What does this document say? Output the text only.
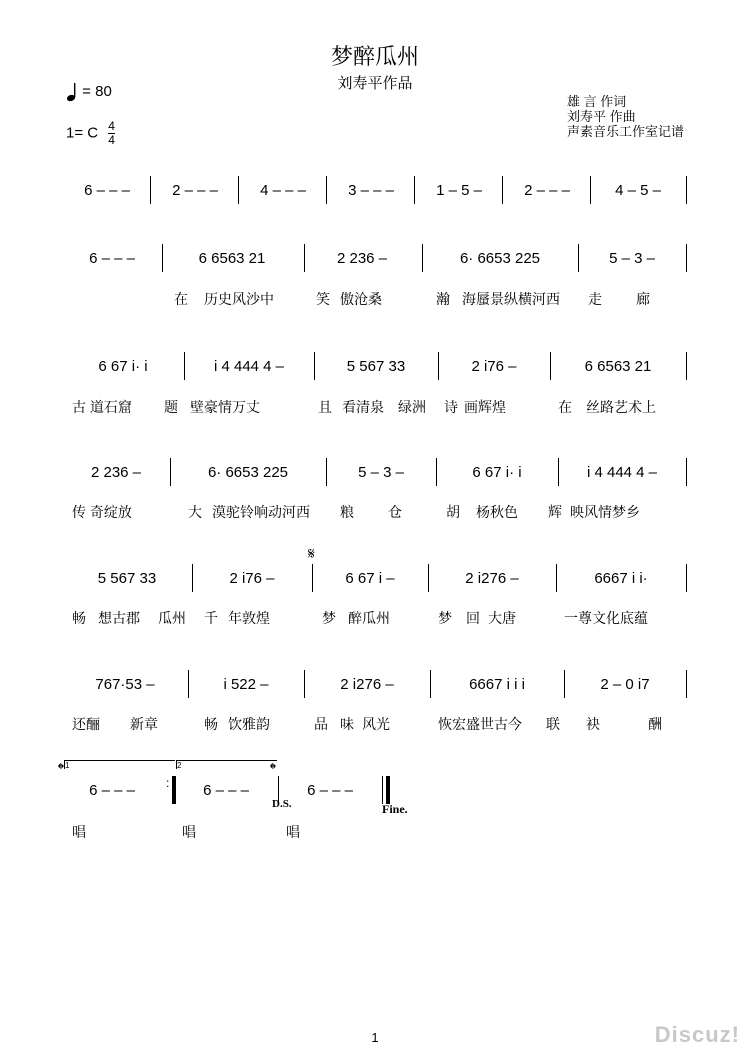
梦醉瓜州
刘寿平作品
= 80
1= C $\frac{4}{4}$
雄 言 作词
刘寿平 作曲
声素音乐工作室记谱
6 – – –	2 – – –	4 – – –	3 – – –	1 – 5 –	2 – – –	4 – 5 –
6 – – –	6 6563 21	2 236 –	6· 6653 225	5 – 3 –
在 历史风沙中	笑 傲沧桑	瀚 海蜃景纵横河西 走 廊
6 67 i· i	i 4 444 4 –	5 567 33	2 i76 –	6 6563 21
古 道石窟 题 壁豪情万丈	且 看清泉 绿洲 诗 画辉煌	在 丝路艺术上
2 236 –	6· 6653 225	5 – 3 –	6 67 i· i	i 4 444 4 –
传 奇绽放	大 漠驼铃响动河西 粮 仓	胡 杨秋色 辉 映风情梦乡
𝄋
5 567 33	2 i76 –	6 67 i –	2 i276 –	6667 i i·
畅 想古郡 瓜州 千 年敦煌	梦 醉瓜州	梦 回 大唐	一尊文化底蕴
767·53 –	i 522 –	2 i276 –	6667 i i i	2 – 0 i7
还酾 新章	畅 饮雅韵	品 味 风光	恢宏盛世古今 联 袂	酬
1	2
𝄌	𝄌
6 – – –	:	6 – – –	6 – – –
D.S.	Fine.
唱	唱	唱
1	Discuz!
